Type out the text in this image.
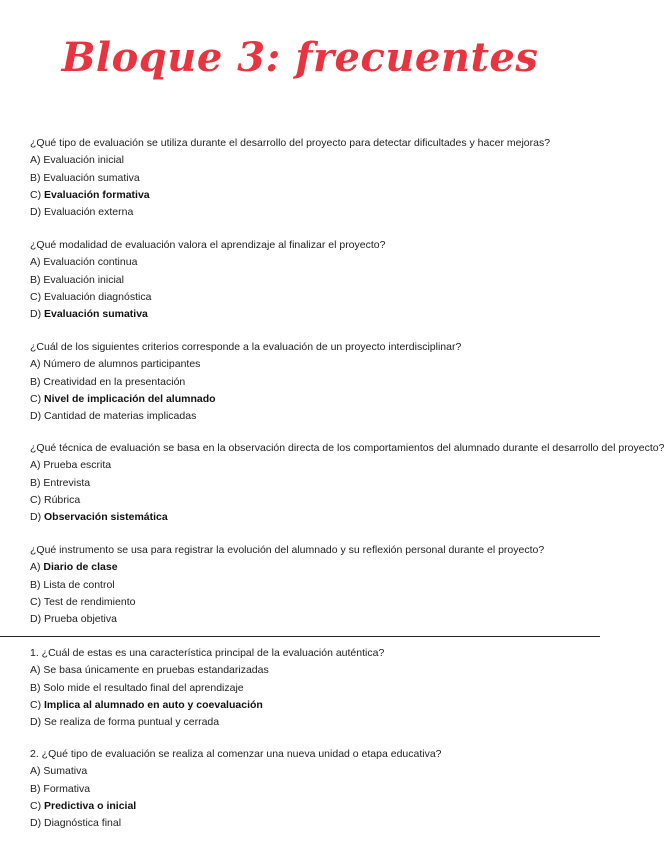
Bloque 3: frecuentes
¿Qué tipo de evaluación se utiliza durante el desarrollo del proyecto para detectar dificultades y hacer mejoras?
A) Evaluación inicial
B) Evaluación sumativa
C) Evaluación formativa
D) Evaluación externa
¿Qué modalidad de evaluación valora el aprendizaje al finalizar el proyecto?
A) Evaluación continua
B) Evaluación inicial
C) Evaluación diagnóstica
D) Evaluación sumativa
¿Cuál de los siguientes criterios corresponde a la evaluación de un proyecto interdisciplinar?
A) Número de alumnos participantes
B) Creatividad en la presentación
C) Nivel de implicación del alumnado
D) Cantidad de materias implicadas
¿Qué técnica de evaluación se basa en la observación directa de los comportamientos del alumnado durante el desarrollo del proyecto?
A) Prueba escrita
B) Entrevista
C) Rúbrica
D) Observación sistemática
¿Qué instrumento se usa para registrar la evolución del alumnado y su reflexión personal durante el proyecto?
A) Diario de clase
B) Lista de control
C) Test de rendimiento
D) Prueba objetiva
1. ¿Cuál de estas es una característica principal de la evaluación auténtica?
A) Se basa únicamente en pruebas estandarizadas
B) Solo mide el resultado final del aprendizaje
C) Implica al alumnado en auto y coevaluación
D) Se realiza de forma puntual y cerrada
2. ¿Qué tipo de evaluación se realiza al comenzar una nueva unidad o etapa educativa?
A) Sumativa
B) Formativa
C) Predictiva o inicial
D) Diagnóstica final
